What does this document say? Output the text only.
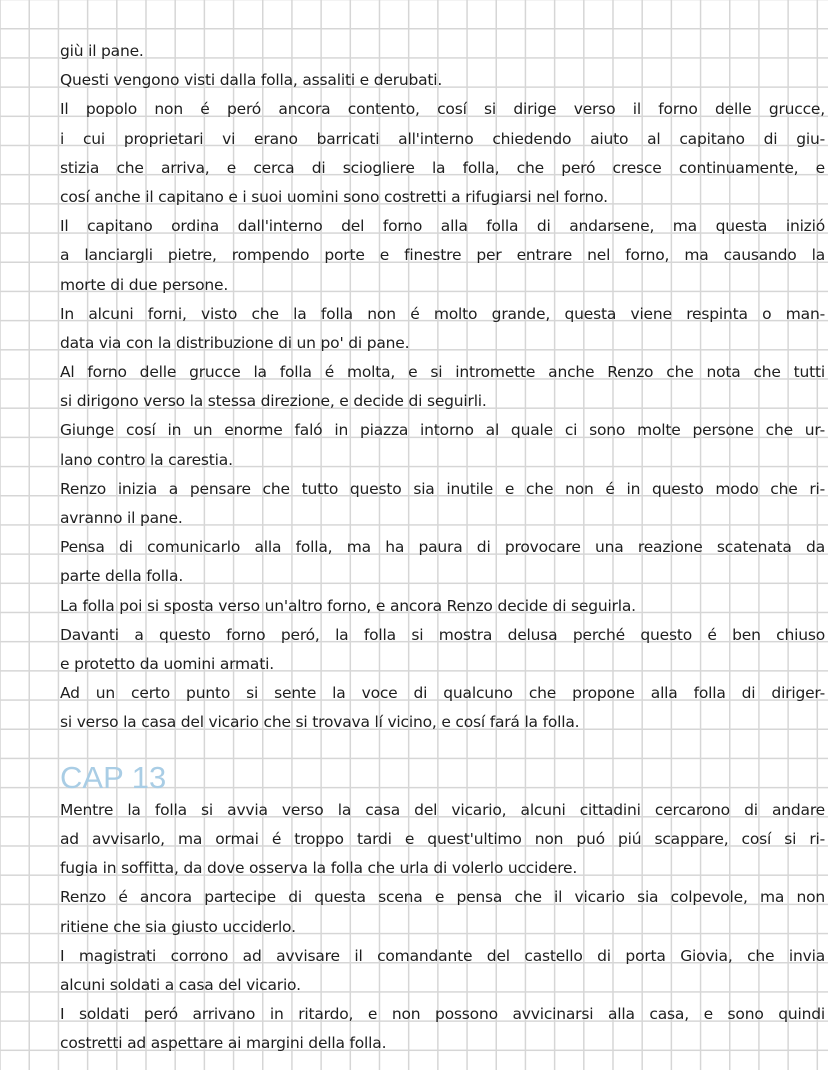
giù il pane.
Questi vengono visti dalla folla, assaliti e derubati.
Il popolo non é peró ancora contento, cosí si dirige verso il forno delle grucce,
i cui proprietari vi erano barricati all'interno chiedendo aiuto al capitano di giu-
stizia che arriva, e cerca di sciogliere la folla, che peró cresce continuamente, e
cosí anche il capitano e i suoi uomini sono costretti a rifugiarsi nel forno.
Il capitano ordina dall'interno del forno alla folla di andarsene, ma questa inizió
a lanciargli pietre, rompendo porte e finestre per entrare nel forno, ma causando la
morte di due persone.
In alcuni forni, visto che la folla non é molto grande, questa viene respinta o man-
data via con la distribuzione di un po' di pane.
Al forno delle grucce la folla é molta, e si intromette anche Renzo che nota che tutti
si dirigono verso la stessa direzione, e decide di seguirli.
Giunge cosí in un enorme faló in piazza intorno al quale ci sono molte persone che ur-
lano contro la carestia.
Renzo inizia a pensare che tutto questo sia inutile e che non é in questo modo che ri-
avranno il pane.
Pensa di comunicarlo alla folla, ma ha paura di provocare una reazione scatenata da
parte della folla.
La folla poi si sposta verso un'altro forno, e ancora Renzo decide di seguirla.
Davanti a questo forno peró, la folla si mostra delusa perché questo é ben chiuso
e protetto da uomini armati.
Ad un certo punto si sente la voce di qualcuno che propone alla folla di diriger-
si verso la casa del vicario che si trovava lí vicino, e cosí fará la folla.
CAP 13
Mentre la folla si avvia verso la casa del vicario, alcuni cittadini cercarono di andare
ad avvisarlo, ma ormai é troppo tardi e quest'ultimo non puó piú scappare, cosí si ri-
fugia in soffitta, da dove osserva la folla che urla di volerlo uccidere.
Renzo é ancora partecipe di questa scena e pensa che il vicario sia colpevole, ma non
ritiene che sia giusto ucciderlo.
I magistrati corrono ad avvisare il comandante del castello di porta Giovia, che invia
alcuni soldati a casa del vicario.
I soldati peró arrivano in ritardo, e non possono avvicinarsi alla casa, e sono quindi
costretti ad aspettare ai margini della folla.
